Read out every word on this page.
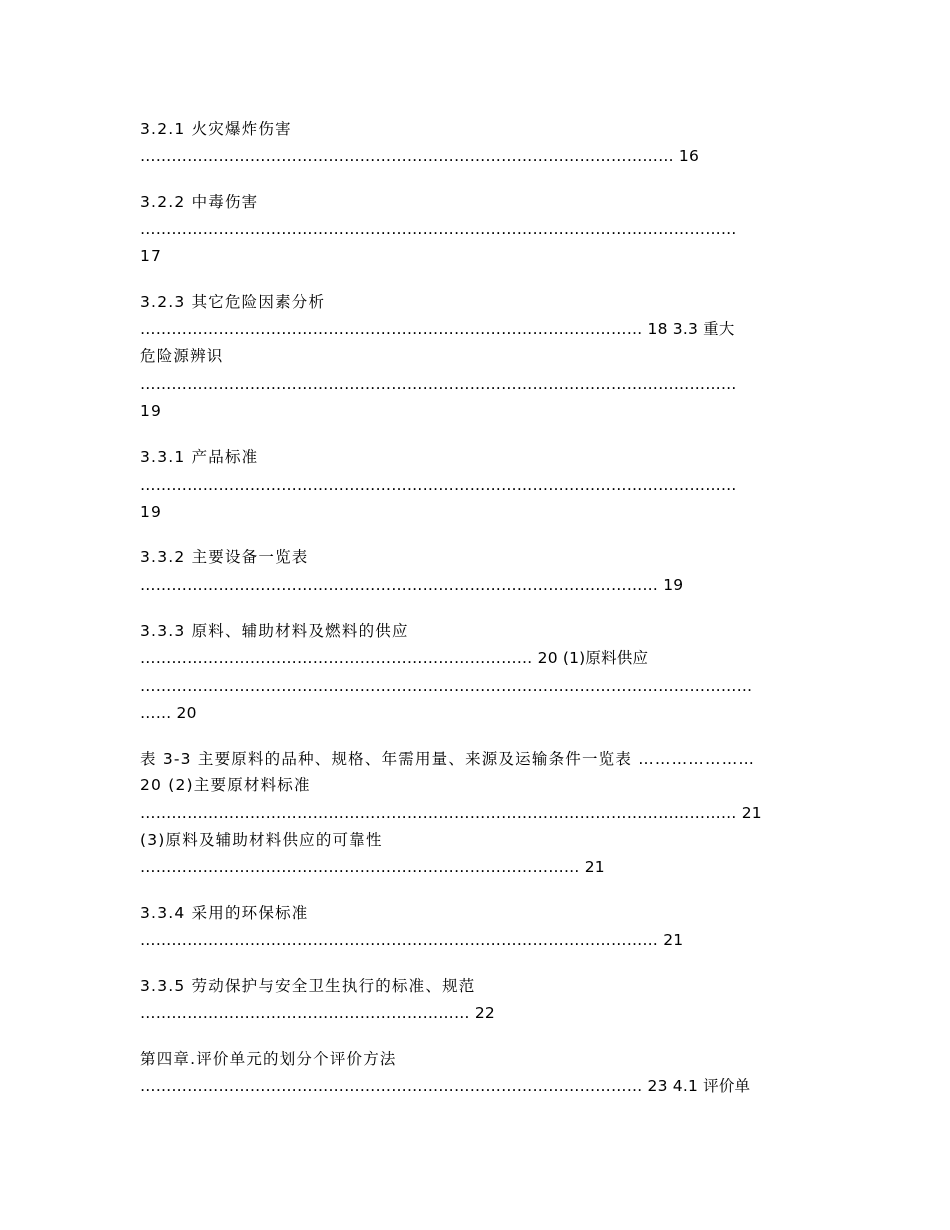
3.2.1 火灾爆炸伤害
………………………………………………………………………………………… 16
3.2.2 中毒伤害
……………………………………………………………………………………………………
17
3.2.3 其它危险因素分析
…………………………………………………………………………………… 18 3.3 重大
危险源辨识
……………………………………………………………………………………………………
19
3.3.1 产品标准
……………………………………………………………………………………………………
19
3.3.2 主要设备一览表
……………………………………………………………………………………… 19
3.3.3 原料、辅助材料及燃料的供应
………………………………………………………………… 20 (1)原料供应
………………………………………………………………………………………………………
…… 20
表 3-3 主要原料的品种、规格、年需用量、来源及运输条件一览表 …………………
20 (2)主要原材料标准
…………………………………………………………………………………………………… 21
(3)原料及辅助材料供应的可靠性
………………………………………………………………………… 21
3.3.4 采用的环保标准
……………………………………………………………………………………… 21
3.3.5 劳动保护与安全卫生执行的标准、规范
……………………………………………………… 22
第四章.评价单元的划分个评价方法
…………………………………………………………………………………… 23 4.1 评价单
